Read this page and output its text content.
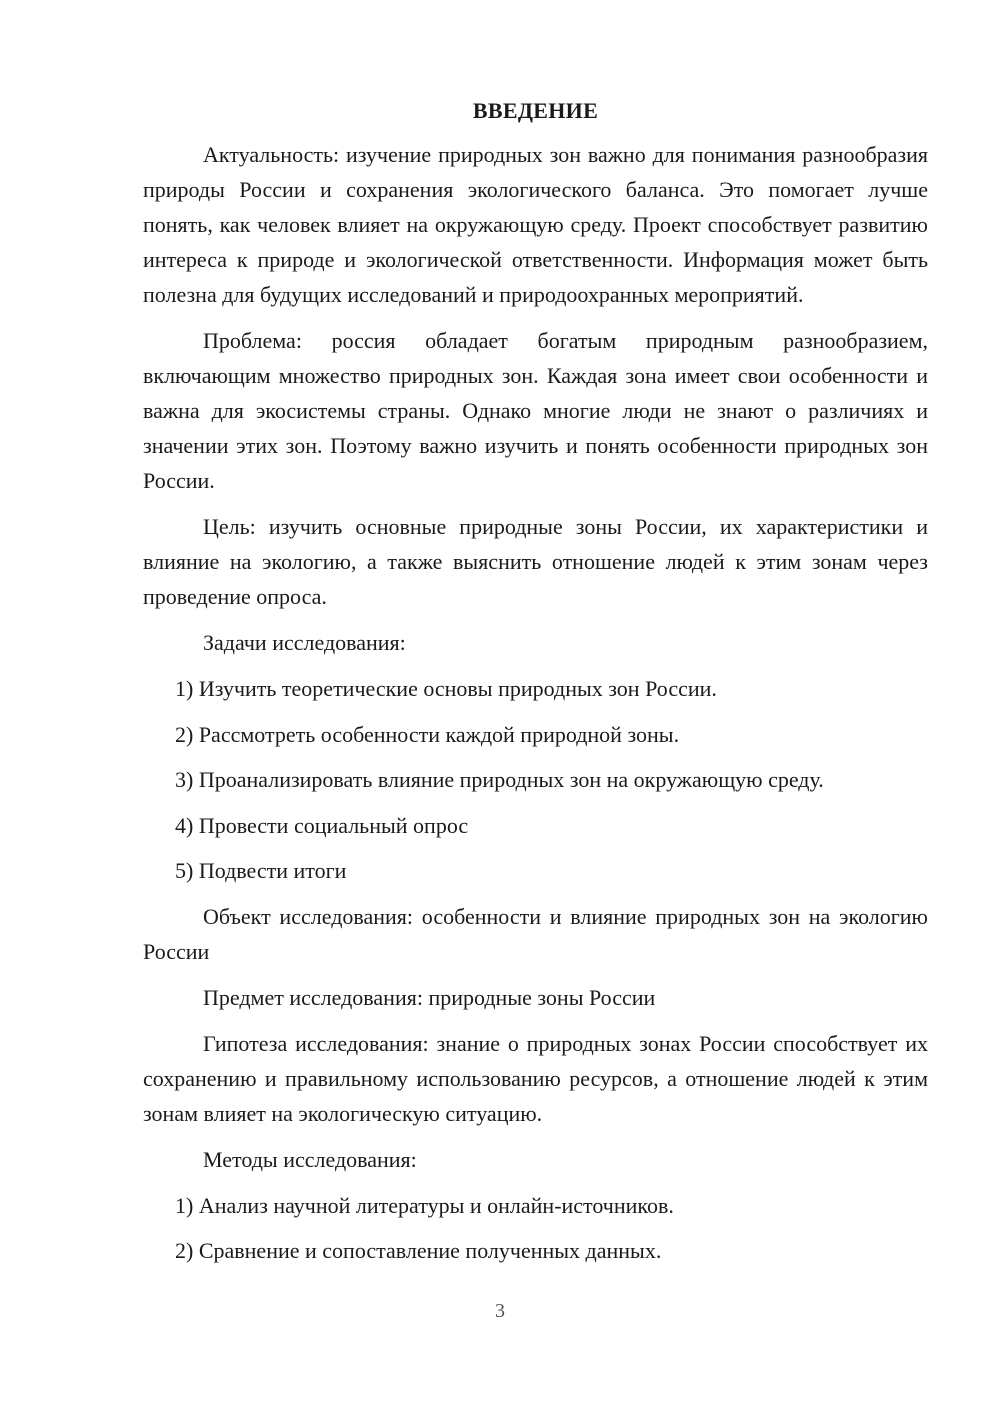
ВВЕДЕНИЕ

Актуальность: изучение природных зон важно для понимания разнообразия природы России и сохранения экологического баланса. Это помогает лучше понять, как человек влияет на окружающую среду. Проект способствует развитию интереса к природе и экологической ответственности. Информация может быть полезна для будущих исследований и природоохранных мероприятий.

Проблема: россия обладает богатым природным разнообразием, включающим множество природных зон. Каждая зона имеет свои особенности и важна для экосистемы страны. Однако многие люди не знают о различиях и значении этих зон. Поэтому важно изучить и понять особенности природных зон России.

Цель: изучить основные природные зоны России, их характеристики и влияние на экологию, а также выяснить отношение людей к этим зонам через проведение опроса.

Задачи исследования:

1) Изучить теоретические основы природных зон России.

2) Рассмотреть особенности каждой природной зоны.

3) Проанализировать влияние природных зон на окружающую среду.

4) Провести социальный опрос

5) Подвести итоги

Объект исследования: особенности и влияние природных зон на экологию России

Предмет исследования: природные зоны России

Гипотеза исследования: знание о природных зонах России способствует их сохранению и правильному использованию ресурсов, а отношение людей к этим зонам влияет на экологическую ситуацию.

Методы исследования:

1) Анализ научной литературы и онлайн-источников.

2) Сравнение и сопоставление полученных данных.

3
